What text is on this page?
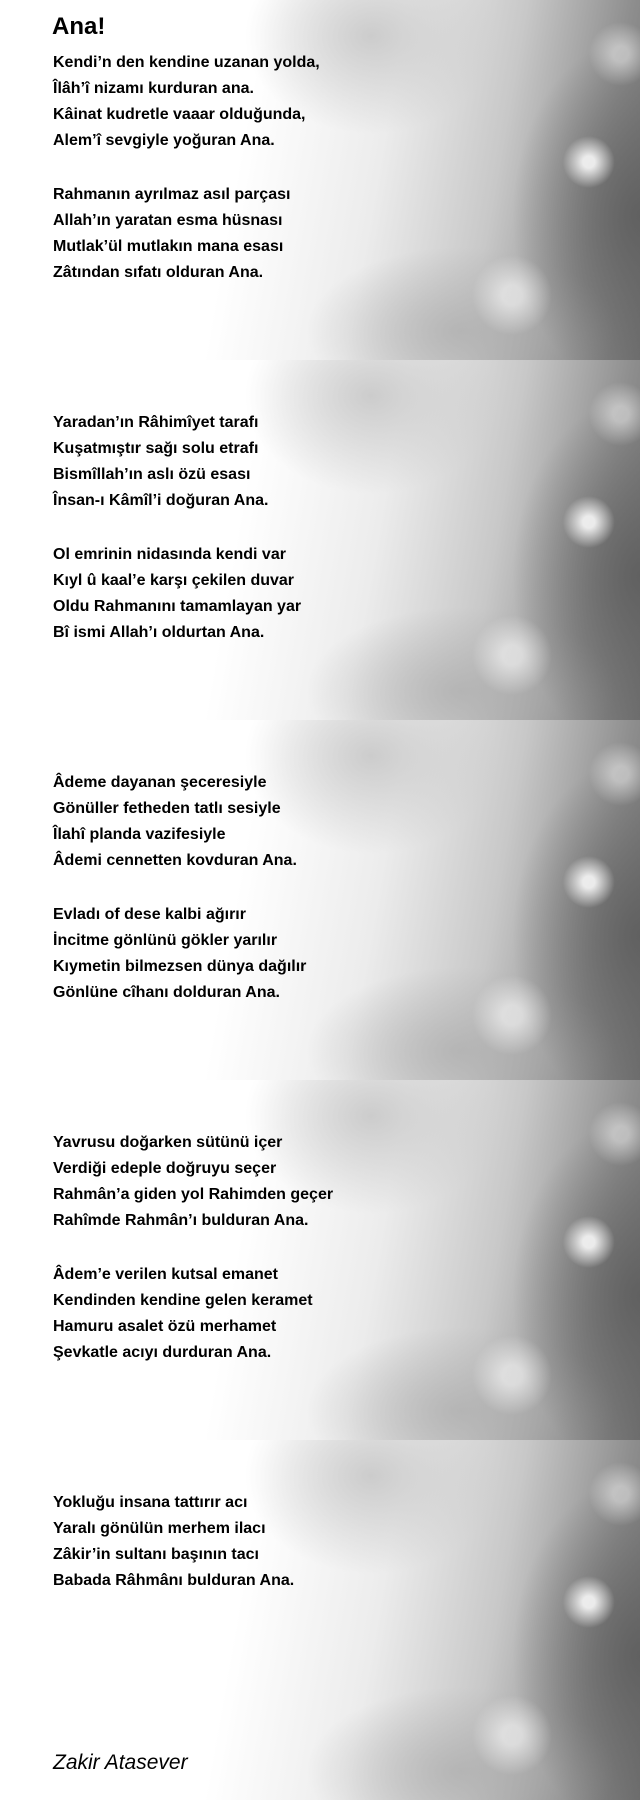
Ana!
Kendi’n den kendine uzanan yolda,
Îlâh’î nizamı kurduran ana.
Kâinat kudretle vaaar olduğunda,
Alem’î sevgiyle yoğuran Ana.
Rahmanın ayrılmaz asıl parçası
Allah’ın yaratan esma hüsnası
Mutlak’ül mutlakın mana esası
Zâtından sıfatı olduran Ana.
Yaradan’ın Râhimîyet tarafı
Kuşatmıştır sağı solu etrafı
Bismîllah’ın aslı özü esası
Însan-ı Kâmîl’i doğuran Ana.
Ol emrinin nidasında kendi var
Kıyl û kaal’e karşı çekilen duvar
Oldu Rahmanını tamamlayan yar
Bî ismi Allah’ı oldurtan Ana.
Âdeme dayanan şeceresiyle
Gönüller fetheden tatlı sesiyle
Îlahî planda vazifesiyle
Âdemi cennetten kovduran Ana.
Evladı of dese kalbi ağırır
İncitme gönlünü gökler yarılır
Kıymetin bilmezsen dünya dağılır
Gönlüne cîhanı dolduran Ana.
Yavrusu doğarken sütünü içer
Verdiği edeple doğruyu seçer
Rahmân’a giden yol Rahimden geçer
Rahîmde Rahmân’ı bulduran Ana.
Âdem’e verilen kutsal emanet
Kendinden kendine gelen keramet
Hamuru asalet özü merhamet
Şevkatle acıyı durduran Ana.
Yokluğu insana tattırır acı
Yaralı gönülün merhem ilacı
Zâkir’in sultanı başının tacı
Babada Râhmânı bulduran Ana.
Zakir Atasever
